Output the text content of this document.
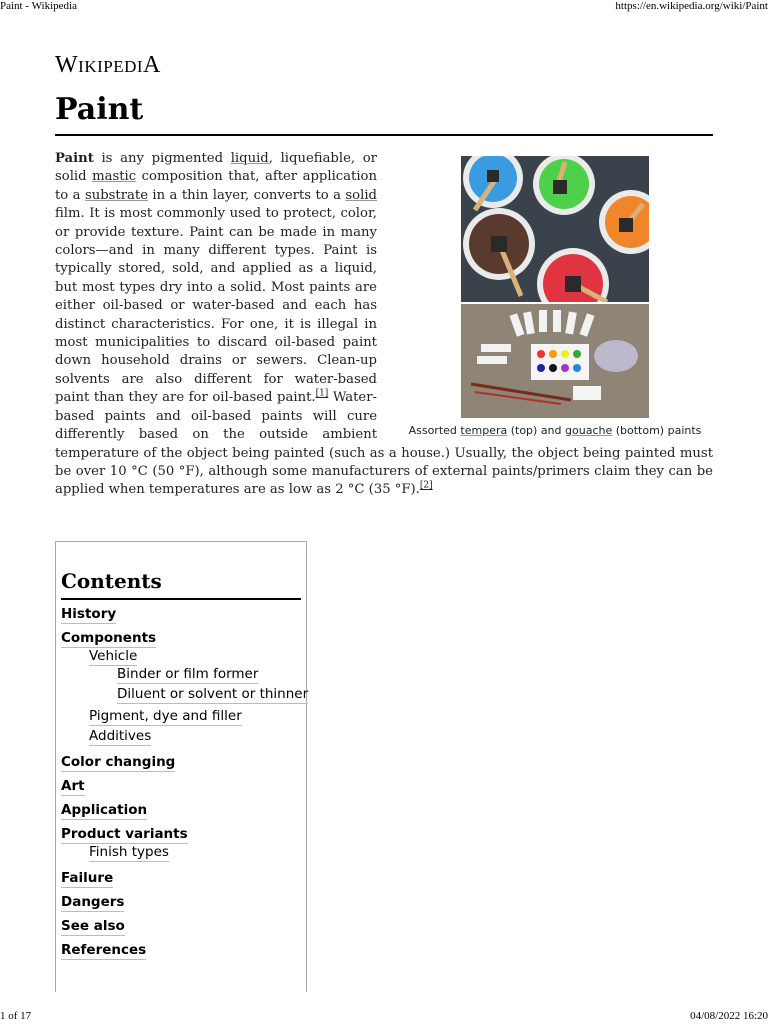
Paint - Wikipedia	https://en.wikipedia.org/wiki/Paint
WIKIPEDIA
Paint
Assorted tempera (top) and gouache (bottom) paints
Paint is any pigmented liquid, liquefiable, or solid mastic composition that, after application to a substrate in a thin layer, converts to a solid film. It is most commonly used to protect, color, or provide texture. Paint can be made in many colors—and in many different types. Paint is typically stored, sold, and applied as a liquid, but most types dry into a solid. Most paints are either oil-based or water-based and each has distinct characteristics. For one, it is illegal in most municipalities to discard oil-based paint down household drains or sewers. Clean-up solvents are also different for water-based paint than they are for oil-based paint.[1] Water-based paints and oil-based paints will cure differently based on the outside ambient temperature of the object being painted (such as a house.) Usually, the object being painted must be over 10 °C (50 °F), although some manufacturers of external paints/primers claim they can be applied when temperatures are as low as 2 °C (35 °F).[2]
Contents
History
Components
Vehicle
Binder or film former
Diluent or solvent or thinner
Pigment, dye and filler
Additives
Color changing
Art
Application
Product variants
Finish types
Failure
Dangers
See also
References
1 of 17	04/08/2022 16:20
